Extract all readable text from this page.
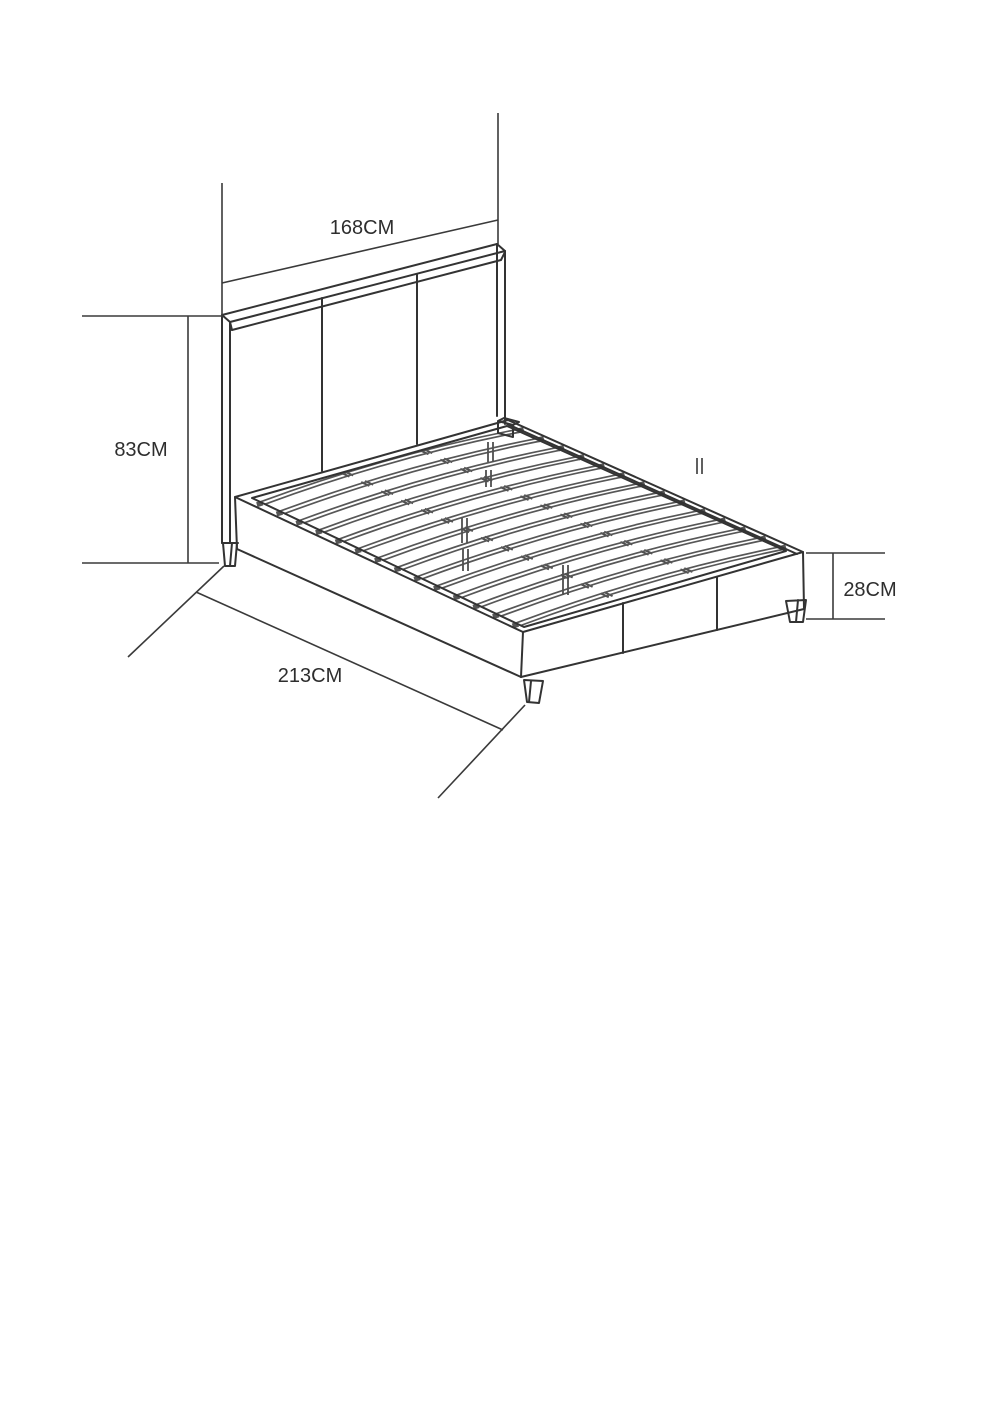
168CM
83CM
213CM
28CM
